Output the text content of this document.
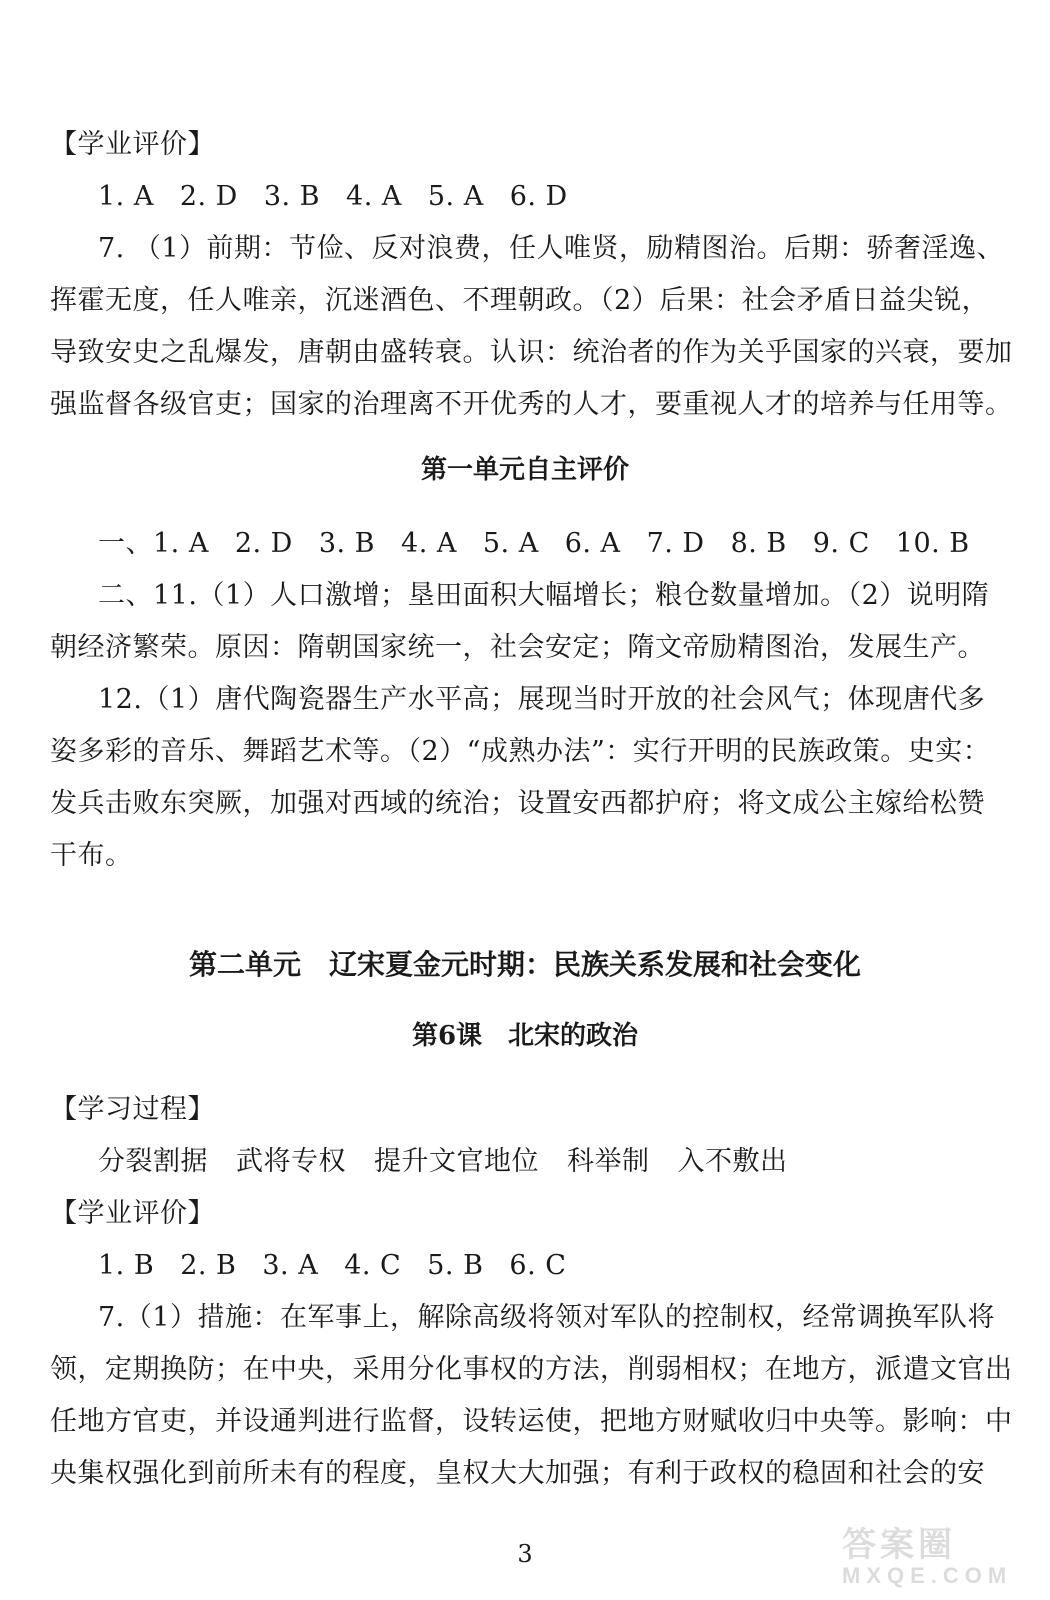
【学业评价】
1. A 2. D 3. B 4. A 5. A 6. D
7. （1）前期：节俭、反对浪费，任人唯贤，励精图治。后期：骄奢淫逸、
挥霍无度，任人唯亲，沉迷酒色、不理朝政。（2）后果：社会矛盾日益尖锐，
导致安史之乱爆发，唐朝由盛转衰。认识：统治者的作为关乎国家的兴衰，要加
强监督各级官吏；国家的治理离不开优秀的人才，要重视人才的培养与任用等。
第一单元自主评价
一、1. A 2. D 3. B 4. A 5. A 6. A 7. D 8. B 9. C 10. B
二、11.（1）人口激增；垦田面积大幅增长；粮仓数量增加。（2）说明隋
朝经济繁荣。原因：隋朝国家统一，社会安定；隋文帝励精图治，发展生产。
12.（1）唐代陶瓷器生产水平高；展现当时开放的社会风气；体现唐代多
姿多彩的音乐、舞蹈艺术等。（2）“成熟办法”：实行开明的民族政策。史实：
发兵击败东突厥，加强对西域的统治；设置安西都护府；将文成公主嫁给松赞
干布。
第二单元　辽宋夏金元时期：民族关系发展和社会变化
第6课　北宋的政治
【学习过程】
分裂割据 武将专权 提升文官地位 科举制 入不敷出
【学业评价】
1. B 2. B 3. A 4. C 5. B 6. C
7.（1）措施：在军事上，解除高级将领对军队的控制权，经常调换军队将
领，定期换防；在中央，采用分化事权的方法，削弱相权；在地方，派遣文官出
任地方官吏，并设通判进行监督，设转运使，把地方财赋收归中央等。影响：中
央集权强化到前所未有的程度，皇权大大加强；有利于政权的稳固和社会的安
3	答案圈
MXQE.COM
